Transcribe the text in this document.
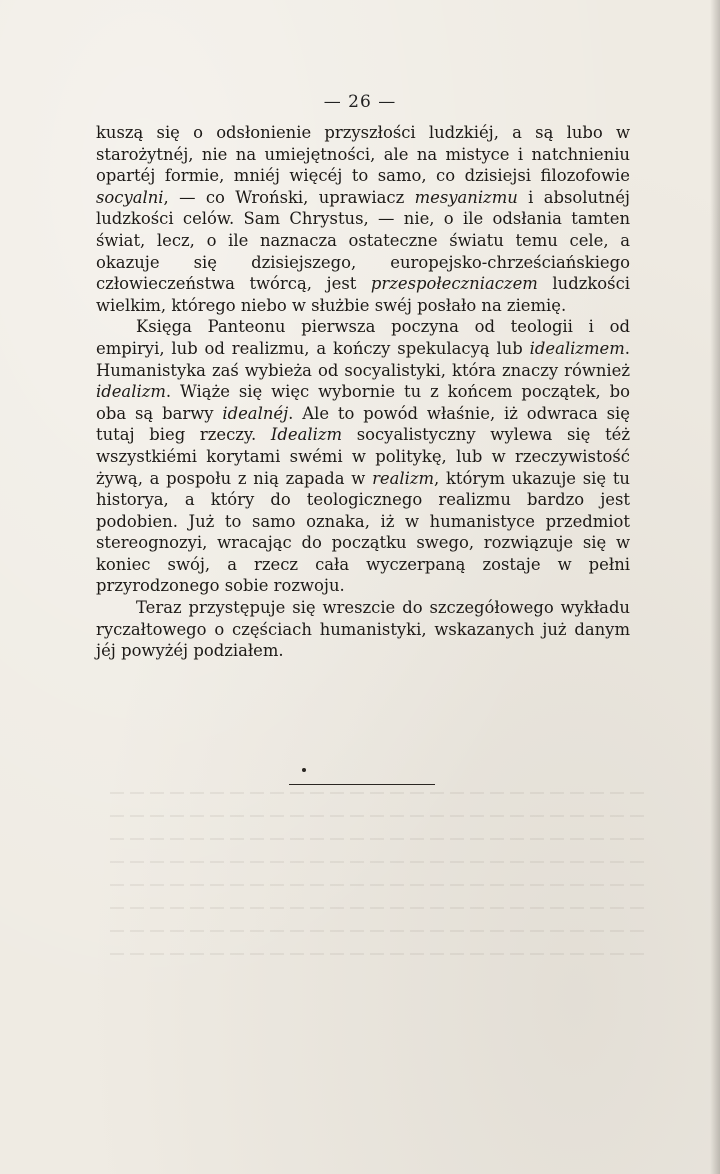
— 26 —

kuszą się o odsłonienie przyszłości ludzkiéj, a są lubo w starożytnéj, nie na umiejętności, ale na mistyce i natchnieniu opartéj formie, mniéj więcéj to samo, co dzisiejsi filozofowie socyalni, — co Wroński, uprawiacz mesyanizmu i absolutnéj ludzkości celów. Sam Chrystus, — nie, o ile odsłania tamten świat, lecz, o ile naznacza ostateczne światu temu cele, a okazuje się dzisiejszego, europejsko-chrześciańskiego człowieczeństwa twórcą, jest przespołeczniaczem ludzkości wielkim, którego niebo w służbie swéj posłało na ziemię.

Księga Panteonu pierwsza poczyna od teologii i od empiryi, lub od realizmu, a kończy spekulacyą lub idealizmem. Humanistyka zaś wybieża od socyalistyki, która znaczy również idealizm. Wiąże się więc wybornie tu z końcem początek, bo oba są barwy idealnéj. Ale to powód właśnie, iż odwraca się tutaj bieg rzeczy. Idealizm socyalistyczny wylewa się téż wszystkiémi korytami swémi w politykę, lub w rzeczywistość żywą, a pospołu z nią zapada w realizm, którym ukazuje się tu historya, a który do teologicznego realizmu bardzo jest podobien. Już to samo oznaka, iż w humanistyce przedmiot stereognozyi, wracając do początku swego, rozwiązuje się w koniec swój, a rzecz cała wyczerpaną zostaje w pełni przyrodzonego sobie rozwoju.

Teraz przystępuje się wreszcie do szczegółowego wykładu ryczałtowego o częściach humanistyki, wskazanych już danym jéj powyżéj podziałem.
